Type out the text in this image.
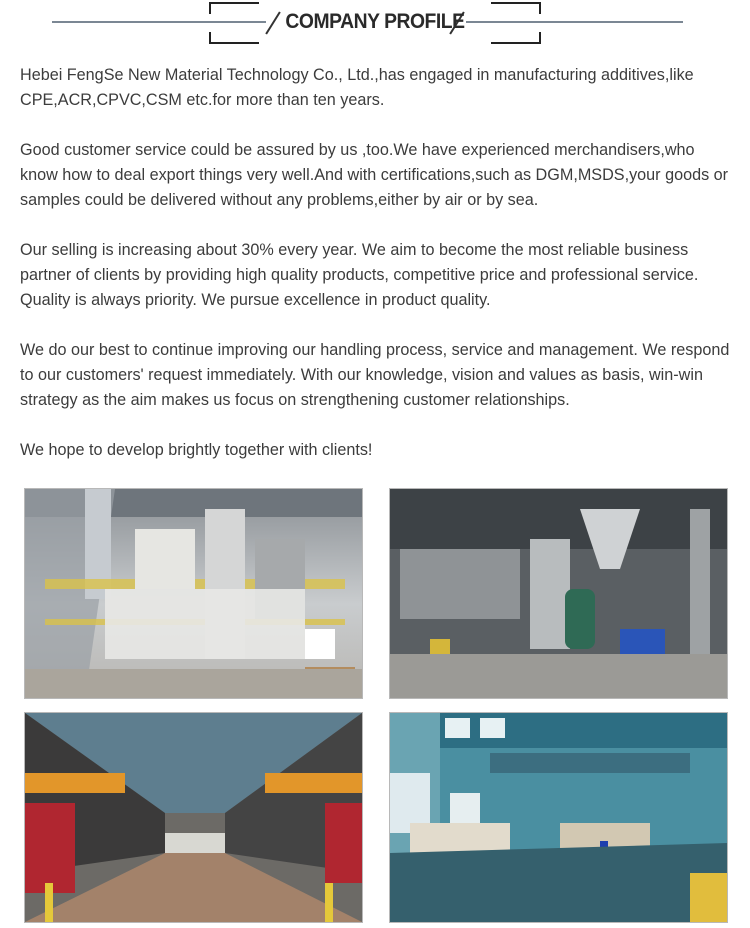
COMPANY PROFILE

Hebei FengSe New Material Technology Co., Ltd.,has engaged in manufacturing additives,like CPE,ACR,CPVC,CSM etc.for more than ten years.

Good customer service could be assured by us ,too.We have experienced merchandisers,who know how to deal export things very well.And with certifications,such as DGM,MSDS,your goods or samples could be delivered without any problems,either by air or by sea.

Our selling is increasing about 30% every year. We aim to become the most reliable business partner of clients by providing high quality products, competitive price and professional service. Quality is always priority. We pursue excellence in product quality.

We do our best to continue improving our handling process, service and management. We respond to our customers' request immediately. With our knowledge, vision and values as basis, win-win strategy as the aim makes us focus on strengthening customer relationships.

We hope to develop brightly together with clients!
